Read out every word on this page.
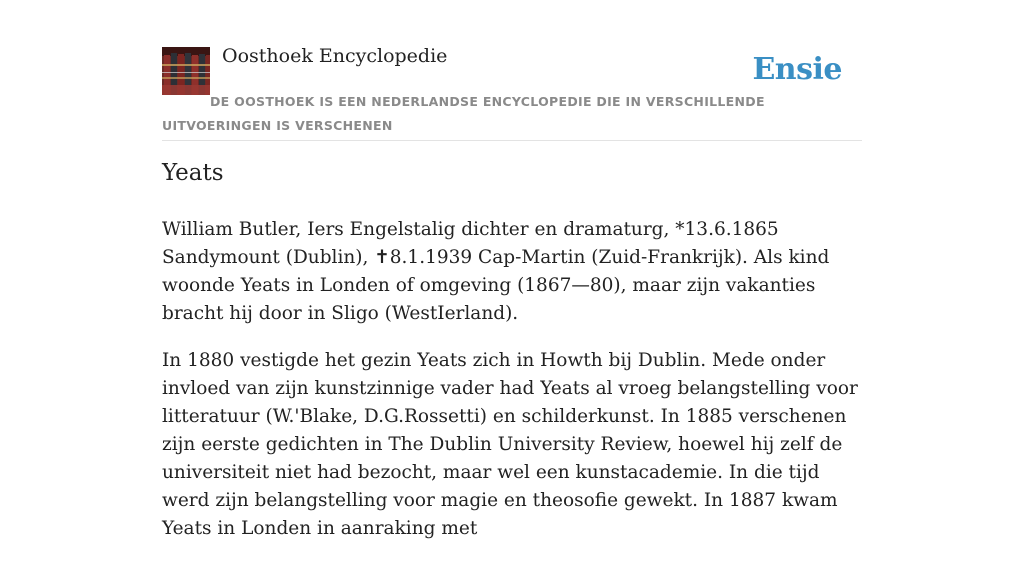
Oosthoek Encyclopedie	Ensie
DE OOSTHOEK IS EEN NEDERLANDSE ENCYCLOPEDIE DIE IN VERSCHILLENDE UITVOERINGEN IS VERSCHENEN
Yeats

William Butler, Iers Engelstalig dichter en dramaturg, *13.6.1865 Sandymount (Dublin), ✝8.1.1939 Cap-Martin (Zuid-Frankrijk). Als kind woonde Yeats in Londen of omgeving (1867—80), maar zijn vakanties bracht hij door in Sligo (WestIerland).

In 1880 vestigde het gezin Yeats zich in Howth bij Dublin. Mede onder invloed van zijn kunstzinnige vader had Yeats al vroeg belangstelling voor litteratuur (W.'Blake, D.G.Rossetti) en schilderkunst. In 1885 verschenen zijn eerste gedichten in The Dublin University Review, hoewel hij zelf de universiteit niet had bezocht, maar wel een kunstacademie. In die tijd werd zijn belangstelling voor magie en theosofie gewekt. In 1887 kwam Yeats in Londen in aanraking met
